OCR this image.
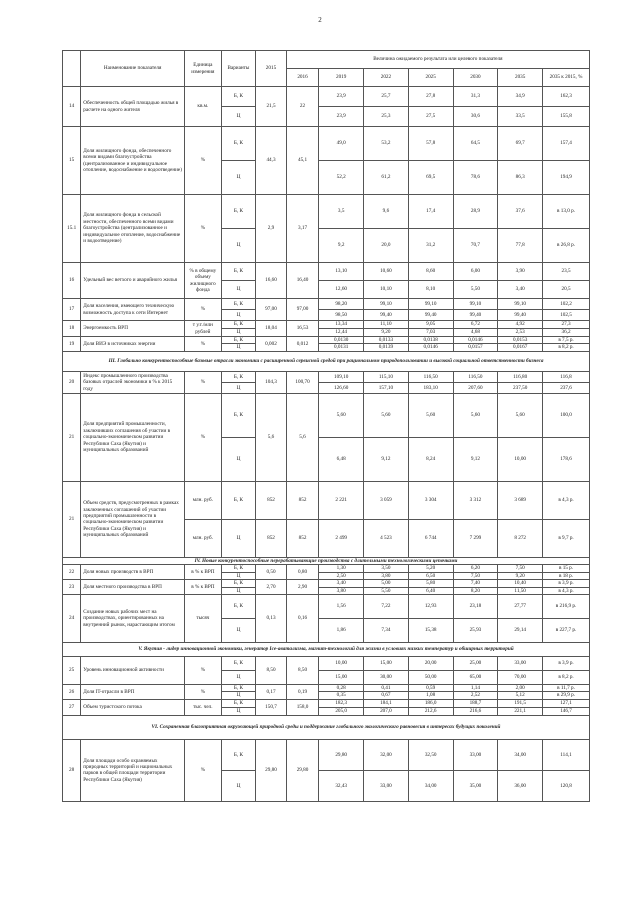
2
	Наименование показателя	Единица измерения	Варианты	2015	Величина ожидаемого результата или целевого показателя						
					2016	2019	2022	2025	2030	2035	2035 к 2015, %
14	Обеспеченность общей площадью жилья в расчете на одного жителя	кв.м.	Б, К	21,5	22	23,9	25,7	27,8	31,3	34,9	162,3
			Ц			23,9	25,3	27,5	30,6	33,5	155,8
15	Доля жилищного фонда, обеспеченного всеми видами благоустройства (централизованное и индивидуальное отопление, водоснабжение и водоотведение)	%	Б, К	44,3	45,1	49,0	53,2	57,8	64,5	69,7	157,4
			Ц			52,2	61,2	69,5	78,6	86,3	194,9
15.1	Доля жилищного фонда в сельской местности, обеспеченного всеми видами благоустройства (централизованное и индивидуальное отопление, водоснабжение и водоотведение)	%	Б, К	2,9	3,17	3,5	9,6	17,4	28,9	37,6	в 13,0 р.
			Ц			9,2	20,0	31,2	70,7	77,8	в 26,8 р.
16	Удельный вес ветхого и аварийного жилья	% в общему объему жилищного фонда	Б, К	16,60	16,40	13,10	10,60	8,60	6,00	3,90	23,5
			Ц			12,60	10,10	8,10	5,50	3,40	20,5
17	Доля населения, имеющего техническую возможность доступа к сети Интернет	%	Б, К	97,00	97,00	98,20	99,10	99,10	99,10	99,10	102,2
			Ц			98,50	99,40	99,40	99,40	99,40	102,5
18	Энергоемкость ВРП	т у.т./млн рублей	Б, К	18,04	16,53	13,34	11,10	9,05	6,72	4,92	27,3
			Ц			12,44	9,20	7,03	4,68	2,53	36,2
19	Доля ВИЭ в источниках энергии	%	Б, К	0,002	0,012	0,0130	0,0133	0,0138	0,0146	0,0153	в 7,5 р.
			Ц			0,0131	0,0139	0,0146	0,0157	0,0167	в 8,2 р.
III. Глобально конкурентоспособные базовые отрасли экономики с расширенной сервисной средой при рациональном природопользовании и высокой социальной ответственности бизнеса											
20	Индекс промышленного производства базовых отраслей экономики в % к 2015 году	%	Б, К	104,3	100,70	109,10	115,10	116,50	116,50	116,80	116,8
			Ц			126,60	157,10	183,10	207,60	237,50	237,6
21	Доля предприятий промышленности, заключивших соглашения об участии в социально-экономическом развитии Республики Саха (Якутия) и муниципальных образований	%	Б, К	5,6	5,6	5,60	5,60	5,60	5,60	5,60	100,0
			Ц			6,48	9,12	8,24	9,12	10,00	178,6
21	Объем средств, предусмотренных в рамках заключенных соглашений об участии предприятий промышленности в социально-экономическом развитии Республики Саха (Якутия) и муниципальных образований	млн. руб.	Б, К	852	852	2 221	3 059	3 304	3 312	3 689	в 4,3 р.
		млн. руб.	Ц	852	852	2 499	4 523	6 744	7 299	8 272	в 9,7 р.
IV. Новые конкурентоспособные перерабатывающие производства с длительными технологическими цепочками											
22	Доля новых производств в ВРП	в % к ВРП	Б, К	0,50	0,80	1,30	3,50	5,20	6,20	7,50	в 15 р.
			Ц			2,50	3,80	6,50	7,50	9,20	в 18 р.
23	Доля местного производства в ВРП	в % к ВРП	Б, К	2,70	2,90	3,40	5,00	5,80	7,40	10,40	в 3,9 р.
			Ц			3,80	5,50	6,40	8,20	11,50	в 4,3 р.
24	Создание новых рабочих мест на производствах, ориентированных на внутренний рынок, нарастающим итогом	тысяч	Б, К	0,13	0,16	1,56	7,22	12,93	23,18	27,77	в 216,9 р.
			Ц			1,86	7,34	15,38	25,93	29,14	в 227,7 р.
V. Якутия - лидер инновационной экономики, генератор Ice-аватализма, магнит-технологий для жизни в условиях низких температур и обширных территорий											
25	Уровень инновационной активности	%	Б, К	8,50	8,50	10,00	15,00	20,00	25,00	33,00	в 3,9 р.
			Ц			15,00	30,00	50,00	65,00	70,00	в 8,2 р.
26	Доля IT-отрасли в ВРП	%	Б, К	0,17	0,19	0,28	0,41	0,59	1,14	2,00	в 11,7 р.
			Ц			0,35	0,67	1,08	2,52	5,12	в 29,9 р.
27	Объем туристского потока	тыс. чел.	Б, К	150,7	158,0	182,3	184,1	186,0	188,7	191,5	127,1
			Ц			205,0	207,0	212,6	216,6	221,1	146,7
VI. Сохраненная благоприятная окружающей природной среды и поддержание глобального экологического равновесия в интересах будущих поколений											
28	Доля площади особо охраняемых природных территорий и национальных парков в общей площади территории Республики Саха (Якутия)	%	Б, К	29,80	29,80	29,80	32,00	32,50	33,00	34,00	114,1
			Ц			32,43	33,00	34,00	35,00	36,00	120,8
